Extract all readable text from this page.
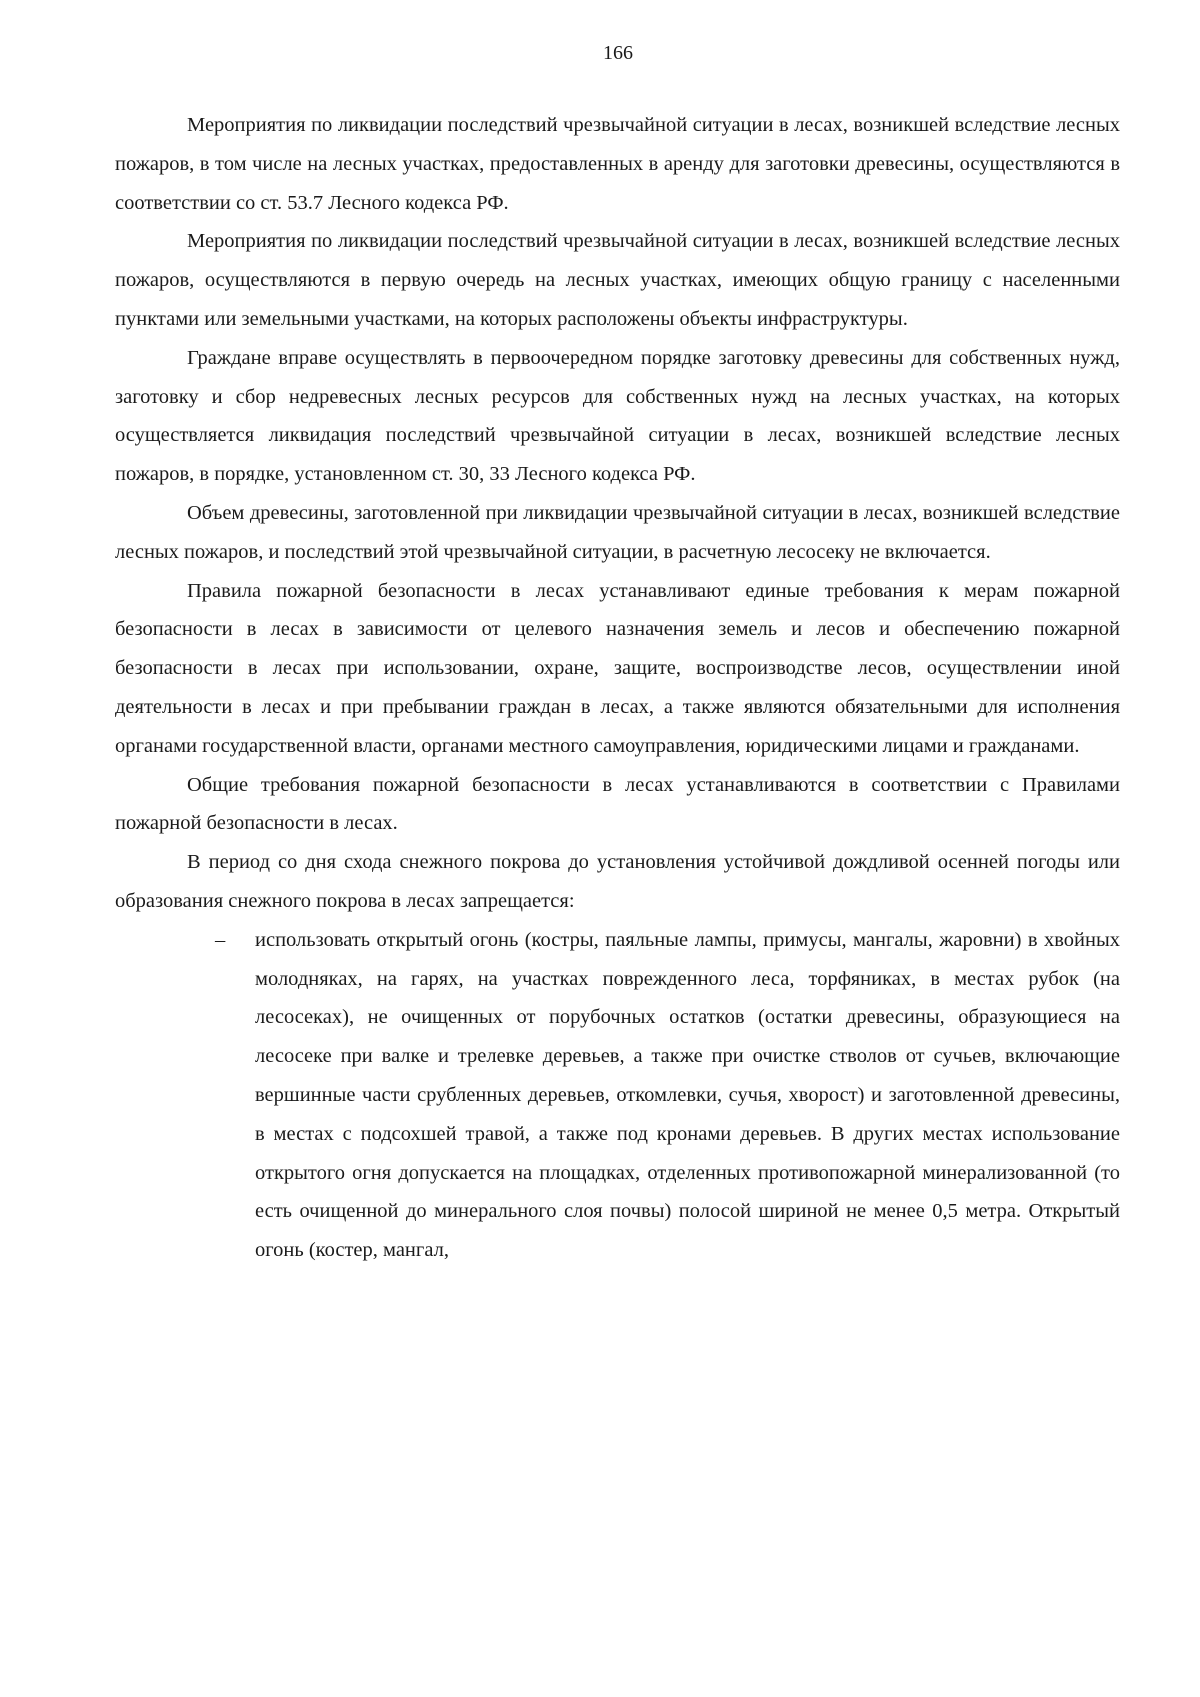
166

Мероприятия по ликвидации последствий чрезвычайной ситуации в лесах, возникшей вследствие лесных пожаров, в том числе на лесных участках, предоставленных в аренду для заготовки древесины, осуществляются в соответствии со ст. 53.7 Лесного кодекса РФ.

Мероприятия по ликвидации последствий чрезвычайной ситуации в лесах, возникшей вследствие лесных пожаров, осуществляются в первую очередь на лесных участках, имеющих общую границу с населенными пунктами или земельными участками, на которых расположены объекты инфраструктуры.

Граждане вправе осуществлять в первоочередном порядке заготовку древесины для собственных нужд, заготовку и сбор недревесных лесных ресурсов для собственных нужд на лесных участках, на которых осуществляется ликвидация последствий чрезвычайной ситуации в лесах, возникшей вследствие лесных пожаров, в порядке, установленном ст. 30, 33 Лесного кодекса РФ.

Объем древесины, заготовленной при ликвидации чрезвычайной ситуации в лесах, возникшей вследствие лесных пожаров, и последствий этой чрезвычайной ситуации, в расчетную лесосеку не включается.

Правила пожарной безопасности в лесах устанавливают единые требования к мерам пожарной безопасности в лесах в зависимости от целевого назначения земель и лесов и обеспечению пожарной безопасности в лесах при использовании, охране, защите, воспроизводстве лесов, осуществлении иной деятельности в лесах и при пребывании граждан в лесах, а также являются обязательными для исполнения органами государственной власти, органами местного самоуправления, юридическими лицами и гражданами.

Общие требования пожарной безопасности в лесах устанавливаются в соответствии с Правилами пожарной безопасности в лесах.

В период со дня схода снежного покрова до установления устойчивой дождливой осенней погоды или образования снежного покрова в лесах запрещается:

– использовать открытый огонь (костры, паяльные лампы, примусы, мангалы, жаровни) в хвойных молодняках, на гарях, на участках поврежденного леса, торфяниках, в местах рубок (на лесосеках), не очищенных от порубочных остатков (остатки древесины, образующиеся на лесосеке при валке и трелевке деревьев, а также при очистке стволов от сучьев, включающие вершинные части срубленных деревьев, откомлевки, сучья, хворост) и заготовленной древесины, в местах с подсохшей травой, а также под кронами деревьев. В других местах использование открытого огня допускается на площадках, отделенных противопожарной минерализованной (то есть очищенной до минерального слоя почвы) полосой шириной не менее 0,5 метра. Открытый огонь (костер, мангал,
